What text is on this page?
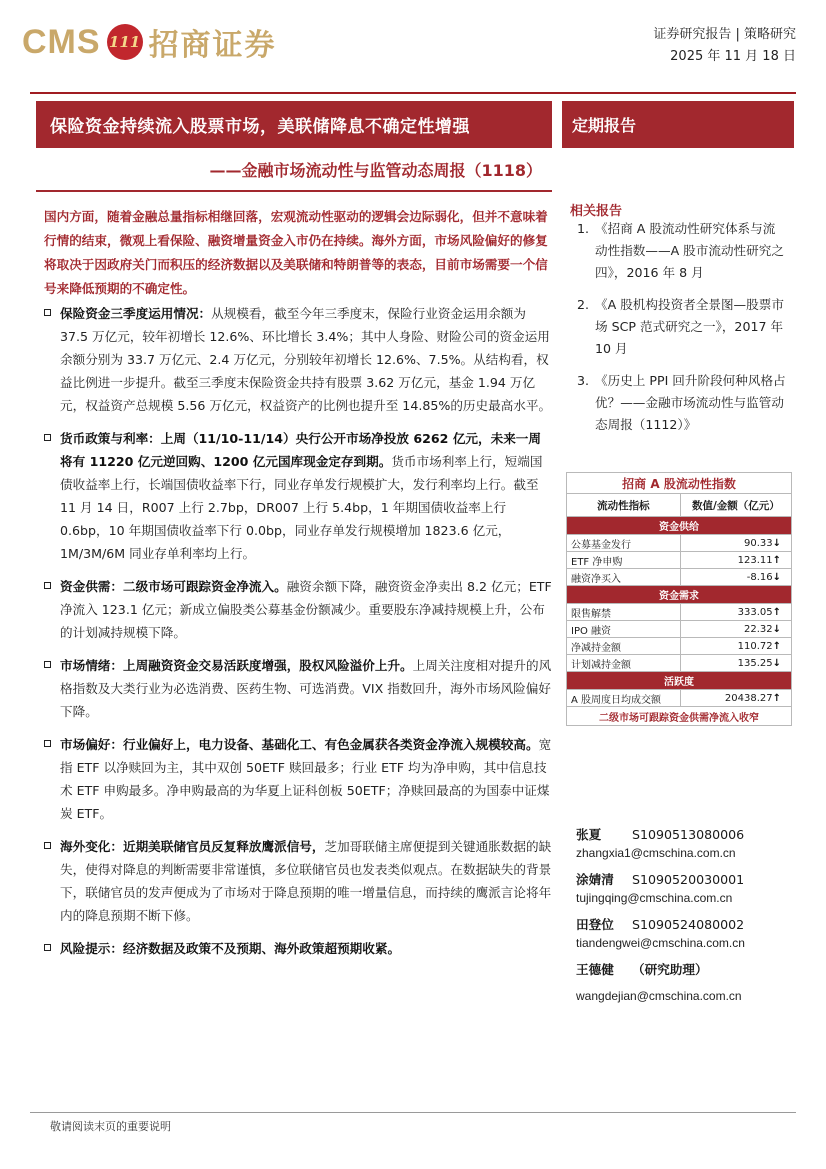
CMS 111 招商证券	证券研究报告 | 策略研究
2025 年 11 月 18 日
保险资金持续流入股票市场，美联储降息不确定性增强
——金融市场流动性与监管动态周报（1118）
定期报告
国内方面，随着金融总量指标相继回落，宏观流动性驱动的逻辑会边际弱化，但并不意味着行情的结束，微观上看保险、融资增量资金入市仍在持续。海外方面，市场风险偏好的修复将取决于因政府关门而积压的经济数据以及美联储和特朗普等的表态，目前市场需要一个信号来降低预期的不确定性。
保险资金三季度运用情况：从规模看，截至今年三季度末，保险行业资金运用余额为 37.5 万亿元，较年初增长 12.6%、环比增长 3.4%；其中人身险、财险公司的资金运用余额分别为 33.7 万亿元、2.4 万亿元，分别较年初增长 12.6%、7.5%。从结构看，权益比例进一步提升。截至三季度末保险资金共持有股票 3.62 万亿元，基金 1.94 万亿元，权益资产总规模 5.56 万亿元，权益资产的比例也提升至 14.85%的历史最高水平。
货币政策与利率：上周（11/10-11/14）央行公开市场净投放 6262 亿元，未来一周将有 11220 亿元逆回购、1200 亿元国库现金定存到期。货币市场利率上行，短端国债收益率上行，长端国债收益率下行，同业存单发行规模扩大，发行利率均上行。截至 11 月 14 日，R007 上行 2.7bp，DR007 上行 5.4bp，1 年期国债收益率上行 0.6bp，10 年期国债收益率下行 0.0bp，同业存单发行规模增加 1823.6 亿元，1M/3M/6M 同业存单利率均上行。
资金供需：二级市场可跟踪资金净流入。融资余额下降，融资资金净卖出 8.2 亿元；ETF 净流入 123.1 亿元；新成立偏股类公募基金份额减少。重要股东净减持规模上升，公布的计划减持规模下降。
市场情绪：上周融资资金交易活跃度增强，股权风险溢价上升。上周关注度相对提升的风格指数及大类行业为必选消费、医药生物、可选消费。VIX 指数回升，海外市场风险偏好下降。
市场偏好：行业偏好上，电力设备、基础化工、有色金属获各类资金净流入规模较高。宽指 ETF 以净赎回为主，其中双创 50ETF 赎回最多；行业 ETF 均为净申购，其中信息技术 ETF 申购最多。净申购最高的为华夏上证科创板 50ETF；净赎回最高的为国泰中证煤炭 ETF。
海外变化：近期美联储官员反复释放鹰派信号，芝加哥联储主席便提到关键通胀数据的缺失，使得对降息的判断需要非常谨慎，多位联储官员也发表类似观点。在数据缺失的背景下，联储官员的发声便成为了市场对于降息预期的唯一增量信息，而持续的鹰派言论将年内的降息预期不断下修。
风险提示：经济数据及政策不及预期、海外政策超预期收紧。
相关报告
1. 《招商 A 股流动性研究体系与流动性指数——A 股市流动性研究之四》，2016 年 8 月
2. 《A 股机构投资者全景图—股票市场 SCP 范式研究之一》，2017 年 10 月
3. 《历史上 PPI 回升阶段何种风格占优？——金融市场流动性与监管动态周报（1112）》
招商 A 股流动性指数	
流动性指标	数值/金额（亿元）
资金供给	
公募基金发行	90.33↓
ETF 净申购	123.11↑
融资净买入	-8.16↓
资金需求	
限售解禁	333.05↑
IPO 融资	22.32↓
净减持金额	110.72↑
计划减持金额	135.25↓
活跃度	
A 股周度日均成交额	20438.27↑
二级市场可跟踪资金供需净流入收窄	
张夏	S1090513080006
zhangxia1@cmschina.com.cn
涂婧清	S1090520030001
tujingqing@cmschina.com.cn
田登位	S1090524080002
tiandengwei@cmschina.com.cn
王德健	（研究助理）
wangdejian@cmschina.com.cn
敬请阅读末页的重要说明
